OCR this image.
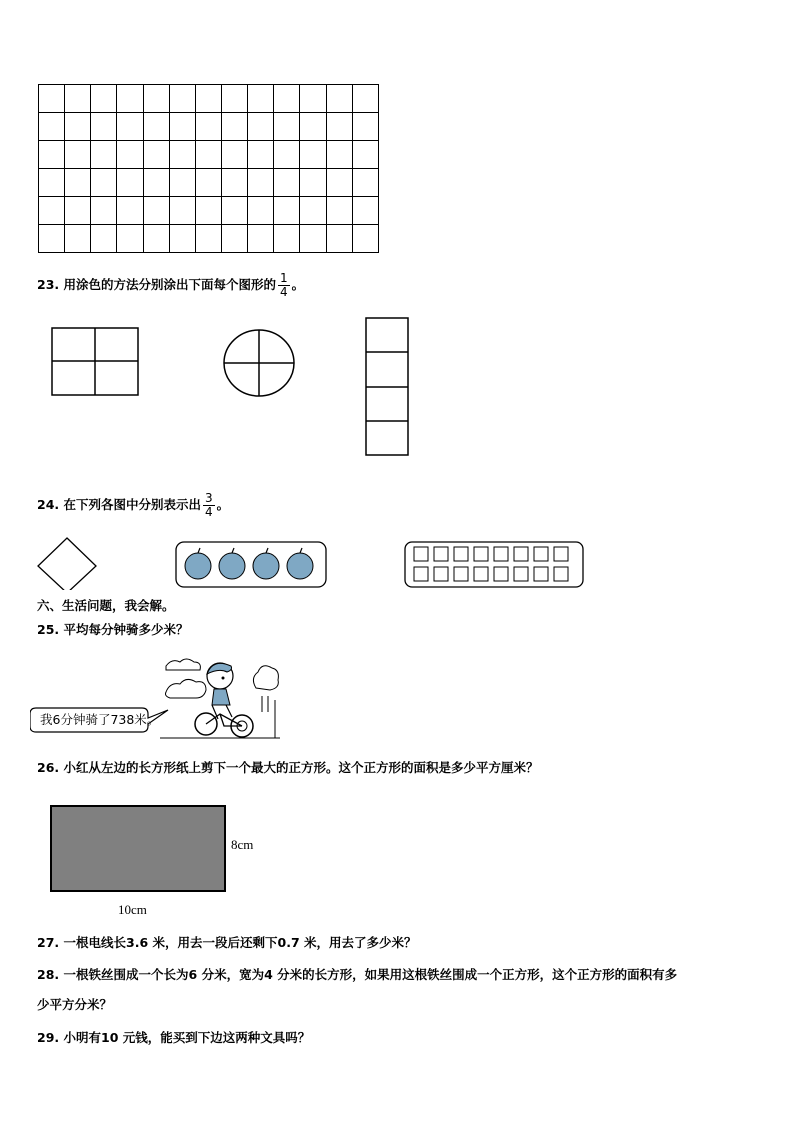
23. 用涂色的方法分别涂出下面每个图形的 $\frac{1}{4}$ 。
24. 在下列各图中分别表示出 $\frac{3}{4}$ 。
六、生活问题，我会解。
25. 平均每分钟骑多少米？
我6分钟骑了738米。
26. 小红从左边的长方形纸上剪下一个最大的正方形。这个正方形的面积是多少平方厘米？
8cm
10cm
27. 一根电线长3.6 米，用去一段后还剩下0.7 米，用去了多少米？
28. 一根铁丝围成一个长为6 分米，宽为4 分米的长方形，如果用这根铁丝围成一个正方形，这个正方形的面积有多
少平方分米？
29. 小明有10 元钱，能买到下边这两种文具吗？
